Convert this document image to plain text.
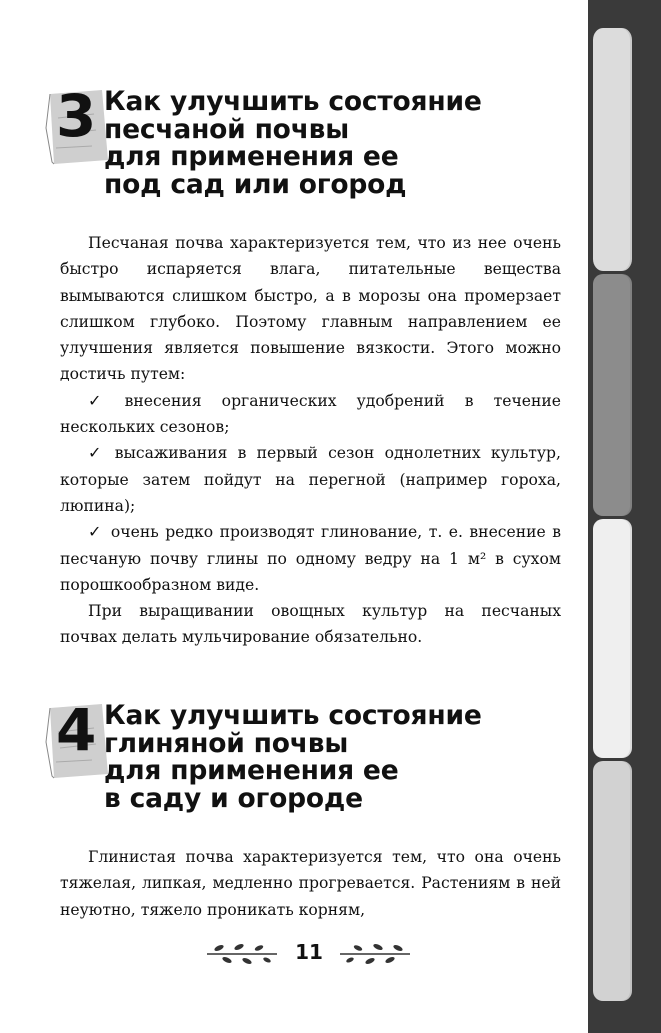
3 Как улучшить состояние
песчаной почвы
для применения ее
под сад или огород

Песчаная почва характеризуется тем, что из нее очень быстро испаряется влага, питательные вещества вымываются слишком быстро, а в морозы она промерзает слишком глубоко. Поэтому главным направлением ее улучшения является повышение вязкости. Этого можно достичь путем:

✓ внесения органических удобрений в течение нескольких сезонов;

✓ высаживания в первый сезон однолетних культур, которые затем пойдут на перегной (например гороха, люпина);

✓ очень редко производят глинование, т. е. внесение в песчаную почву глины по одному ведру на 1 м² в сухом порошкообразном виде.

При выращивании овощных культур на песчаных почвах делать мульчирование обязательно.

4 Как улучшить состояние
глиняной почвы
для применения ее
в саду и огороде

Глинистая почва характеризуется тем, что она очень тяжелая, липкая, медленно прогревается. Растениям в ней неуютно, тяжело проникать корням,

11
